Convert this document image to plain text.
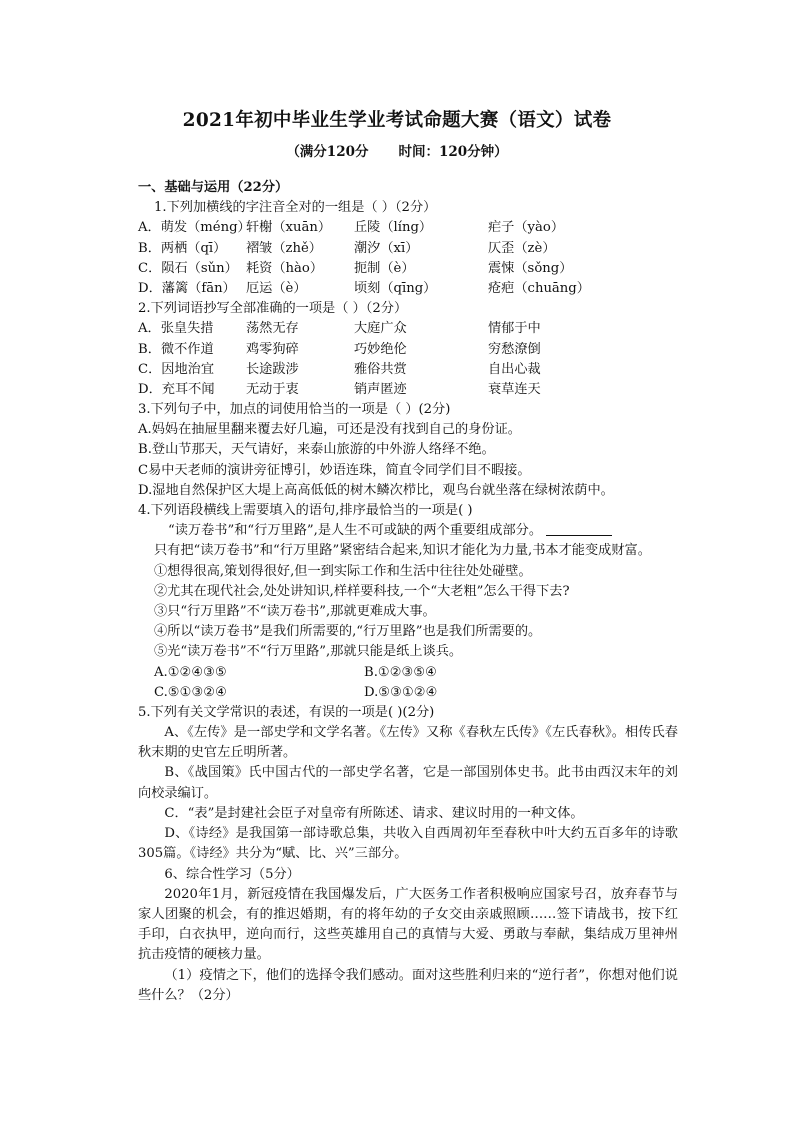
2021年初中毕业生学业考试命题大赛（语文）试卷
（满分120分 时间：120分钟）
一、基础与运用（22分）
1.下列加横线的字注音全对的一组是（ ）（2分）
A．萌发（méng）轩榭（xuān） 丘陵（líng）	疟子（yào）
B．两栖（qī） 褶皱（zhě） 潮汐（xī）	仄歪（zè）
C．陨石（sǔn） 耗资（hào） 扼制（è）	震悚（sǒng）
D．藩篱（fān） 厄运（è）	顷刻（qīng）	疮疤（chuāng）
2.下列词语抄写全部准确的一项是（ ）（2分）
A．张皇失措 荡然无存	大庭广众	情郁于中
B．微不作道 鸡零狗碎	巧妙绝伦	穷愁潦倒
C．因地治宜 长途跋涉	雅俗共赏	自出心裁
D．充耳不闻 无动于衷	销声匿迹	衰草连天
3.下列句子中，加点的词使用恰当的一项是（ ）(2分)
A.妈妈在抽屉里翻来覆去好几遍，可还是没有找到自己的身份证。
B.登山节那天，天气请好，来泰山旅游的中外游人络绎不绝。
C易中天老师的演讲旁征博引，妙语连珠，简直令同学们目不暇接。
D.湿地自然保护区大堤上高高低低的树木鳞次栉比，观鸟台就坐落在绿树浓荫中。
4.下列语段横线上需要填入的语句,排序最恰当的一项是( )
“读万卷书”和“行万里路”,是人生不可或缺的两个重要组成部分。
只有把“读万卷书”和“行万里路”紧密结合起来,知识才能化为力量,书本才能变成财富。
①想得很高,策划得很好,但一到实际工作和生活中往往处处碰壁。
②尤其在现代社会,处处讲知识,样样要科技,一个“大老粗”怎么干得下去?
③只“行万里路”不“读万卷书”,那就更难成大事。
④所以“读万卷书”是我们所需要的,“行万里路”也是我们所需要的。
⑤光“读万卷书”不“行万里路”,那就只能是纸上谈兵。
A.①②④③⑤	B.①②③⑤④
C.⑤①③②④	D.⑤③①②④
5.下列有关文学常识的表述，有误的一项是( )(2分)
A、《左传》是一部史学和文学名著。《左传》又称《春秋左氏传》《左氏春秋》。相传氏春秋末期的史官左丘明所著。
B、《战国策》氏中国古代的一部史学名著，它是一部国别体史书。此书由西汉末年的刘向校录编订。
C．“表”是封建社会臣子对皇帝有所陈述、请求、建议时用的一种文体。
D、《诗经》是我国第一部诗歌总集，共收入自西周初年至春秋中叶大约五百多年的诗歌305篇。《诗经》共分为“赋、比、兴”三部分。
6、综合性学习（5分）
2020年1月，新冠疫情在我国爆发后，广大医务工作者积极响应国家号召，放弃春节与家人团聚的机会，有的推迟婚期，有的将年幼的子女交由亲戚照顾……签下请战书，按下红手印，白衣执甲，逆向而行，这些英雄用自己的真情与大爱、勇敢与奉献，集结成万里神州抗击疫情的硬核力量。
（1）疫情之下，他们的选择令我们感动。面对这些胜利归来的“逆行者”，你想对他们说些什么？（2分）
